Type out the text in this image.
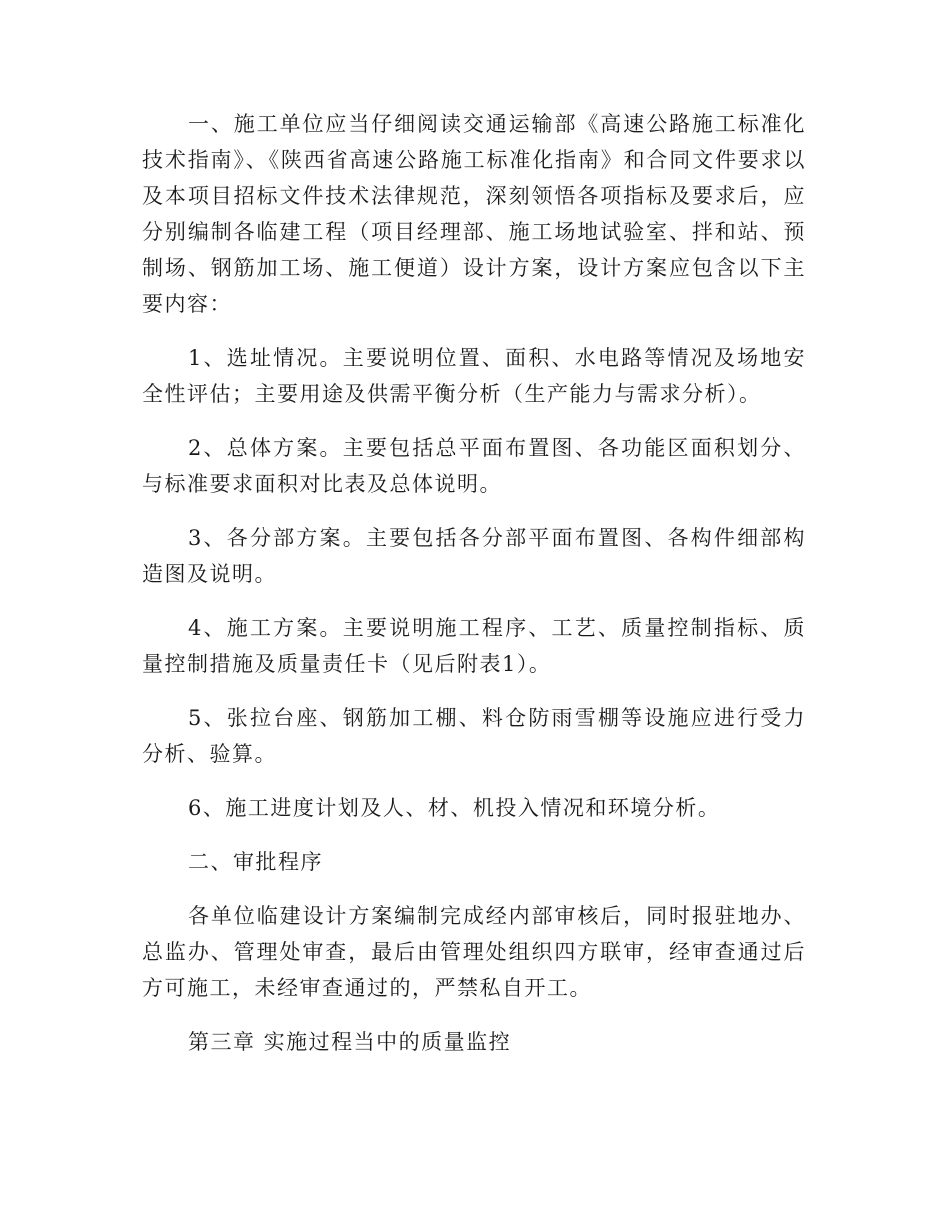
一、施工单位应当仔细阅读交通运输部《高速公路施工标准化技术指南》、《陕西省高速公路施工标准化指南》和合同文件要求以及本项目招标文件技术法律规范，深刻领悟各项指标及要求后，应分别编制各临建工程（项目经理部、施工场地试验室、拌和站、预制场、钢筋加工场、施工便道）设计方案，设计方案应包含以下主要内容：

1、选址情况。主要说明位置、面积、水电路等情况及场地安全性评估；主要用途及供需平衡分析（生产能力与需求分析）。

2、总体方案。主要包括总平面布置图、各功能区面积划分、与标准要求面积对比表及总体说明。

3、各分部方案。主要包括各分部平面布置图、各构件细部构造图及说明。

4、施工方案。主要说明施工程序、工艺、质量控制指标、质量控制措施及质量责任卡（见后附表1）。

5、张拉台座、钢筋加工棚、料仓防雨雪棚等设施应进行受力分析、验算。

6、施工进度计划及人、材、机投入情况和环境分析。

二、审批程序

各单位临建设计方案编制完成经内部审核后，同时报驻地办、总监办、管理处审查，最后由管理处组织四方联审，经审查通过后方可施工，未经审查通过的，严禁私自开工。

第三章 实施过程当中的质量监控
